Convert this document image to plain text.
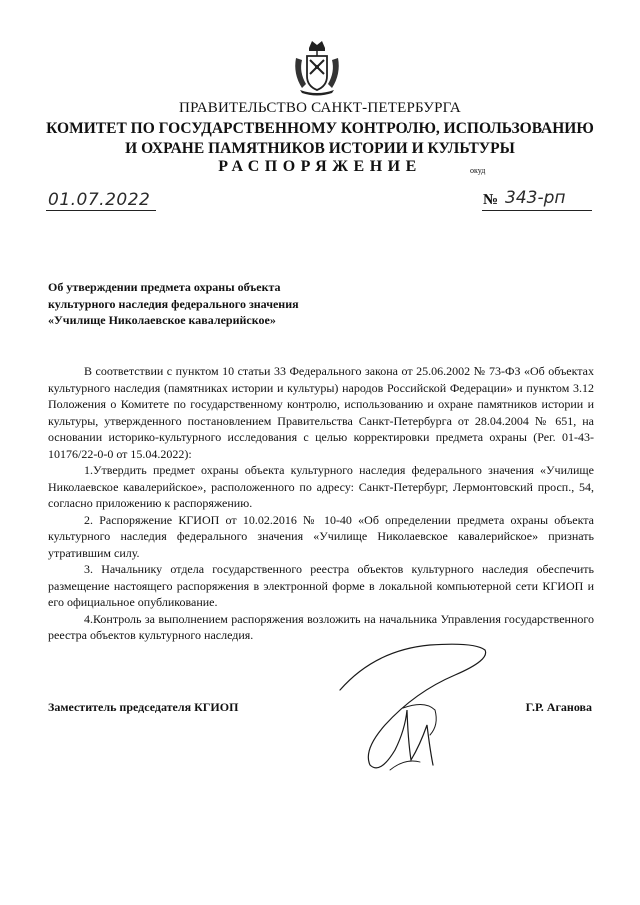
ПРАВИТЕЛЬСТВО САНКТ-ПЕТЕРБУРГА
КОМИТЕТ ПО ГОСУДАРСТВЕННОМУ КОНТРОЛЮ, ИСПОЛЬЗОВАНИЮ
И ОХРАНЕ ПАМЯТНИКОВ ИСТОРИИ И КУЛЬТУРЫ
РАСПОРЯЖЕНИЕ	окуд
01.07.2022	№ 343-рп
Об утверждении предмета охраны объекта
культурного наследия федерального значения
«Училище Николаевское кавалерийское»

В соответствии с пунктом 10 статьи 33 Федерального закона от 25.06.2002 № 73-ФЗ «Об объектах культурного наследия (памятниках истории и культуры) народов Российской Федерации» и пунктом 3.12 Положения о Комитете по государственному контролю, использованию и охране памятников истории и культуры, утвержденного постановлением Правительства Санкт-Петербурга от 28.04.2004 № 651, на основании историко-культурного исследования с целью корректировки предмета охраны (Рег. 01-43-10176/22-0-0 от 15.04.2022):

1.Утвердить предмет охраны объекта культурного наследия федерального значения «Училище Николаевское кавалерийское», расположенного по адресу: Санкт-Петербург, Лермонтовский просп., 54, согласно приложению к распоряжению.

2. Распоряжение КГИОП от 10.02.2016 № 10-40 «Об определении предмета охраны объекта культурного наследия федерального значения «Училище Николаевское кавалерийское» признать утратившим силу.

3. Начальнику отдела государственного реестра объектов культурного наследия обеспечить размещение настоящего распоряжения в электронной форме в локальной компьютерной сети КГИОП и его официальное опубликование.

4.Контроль за выполнением распоряжения возложить на начальника Управления государственного реестра объектов культурного наследия.

Заместитель председателя КГИОП	Г.Р. Аганова
